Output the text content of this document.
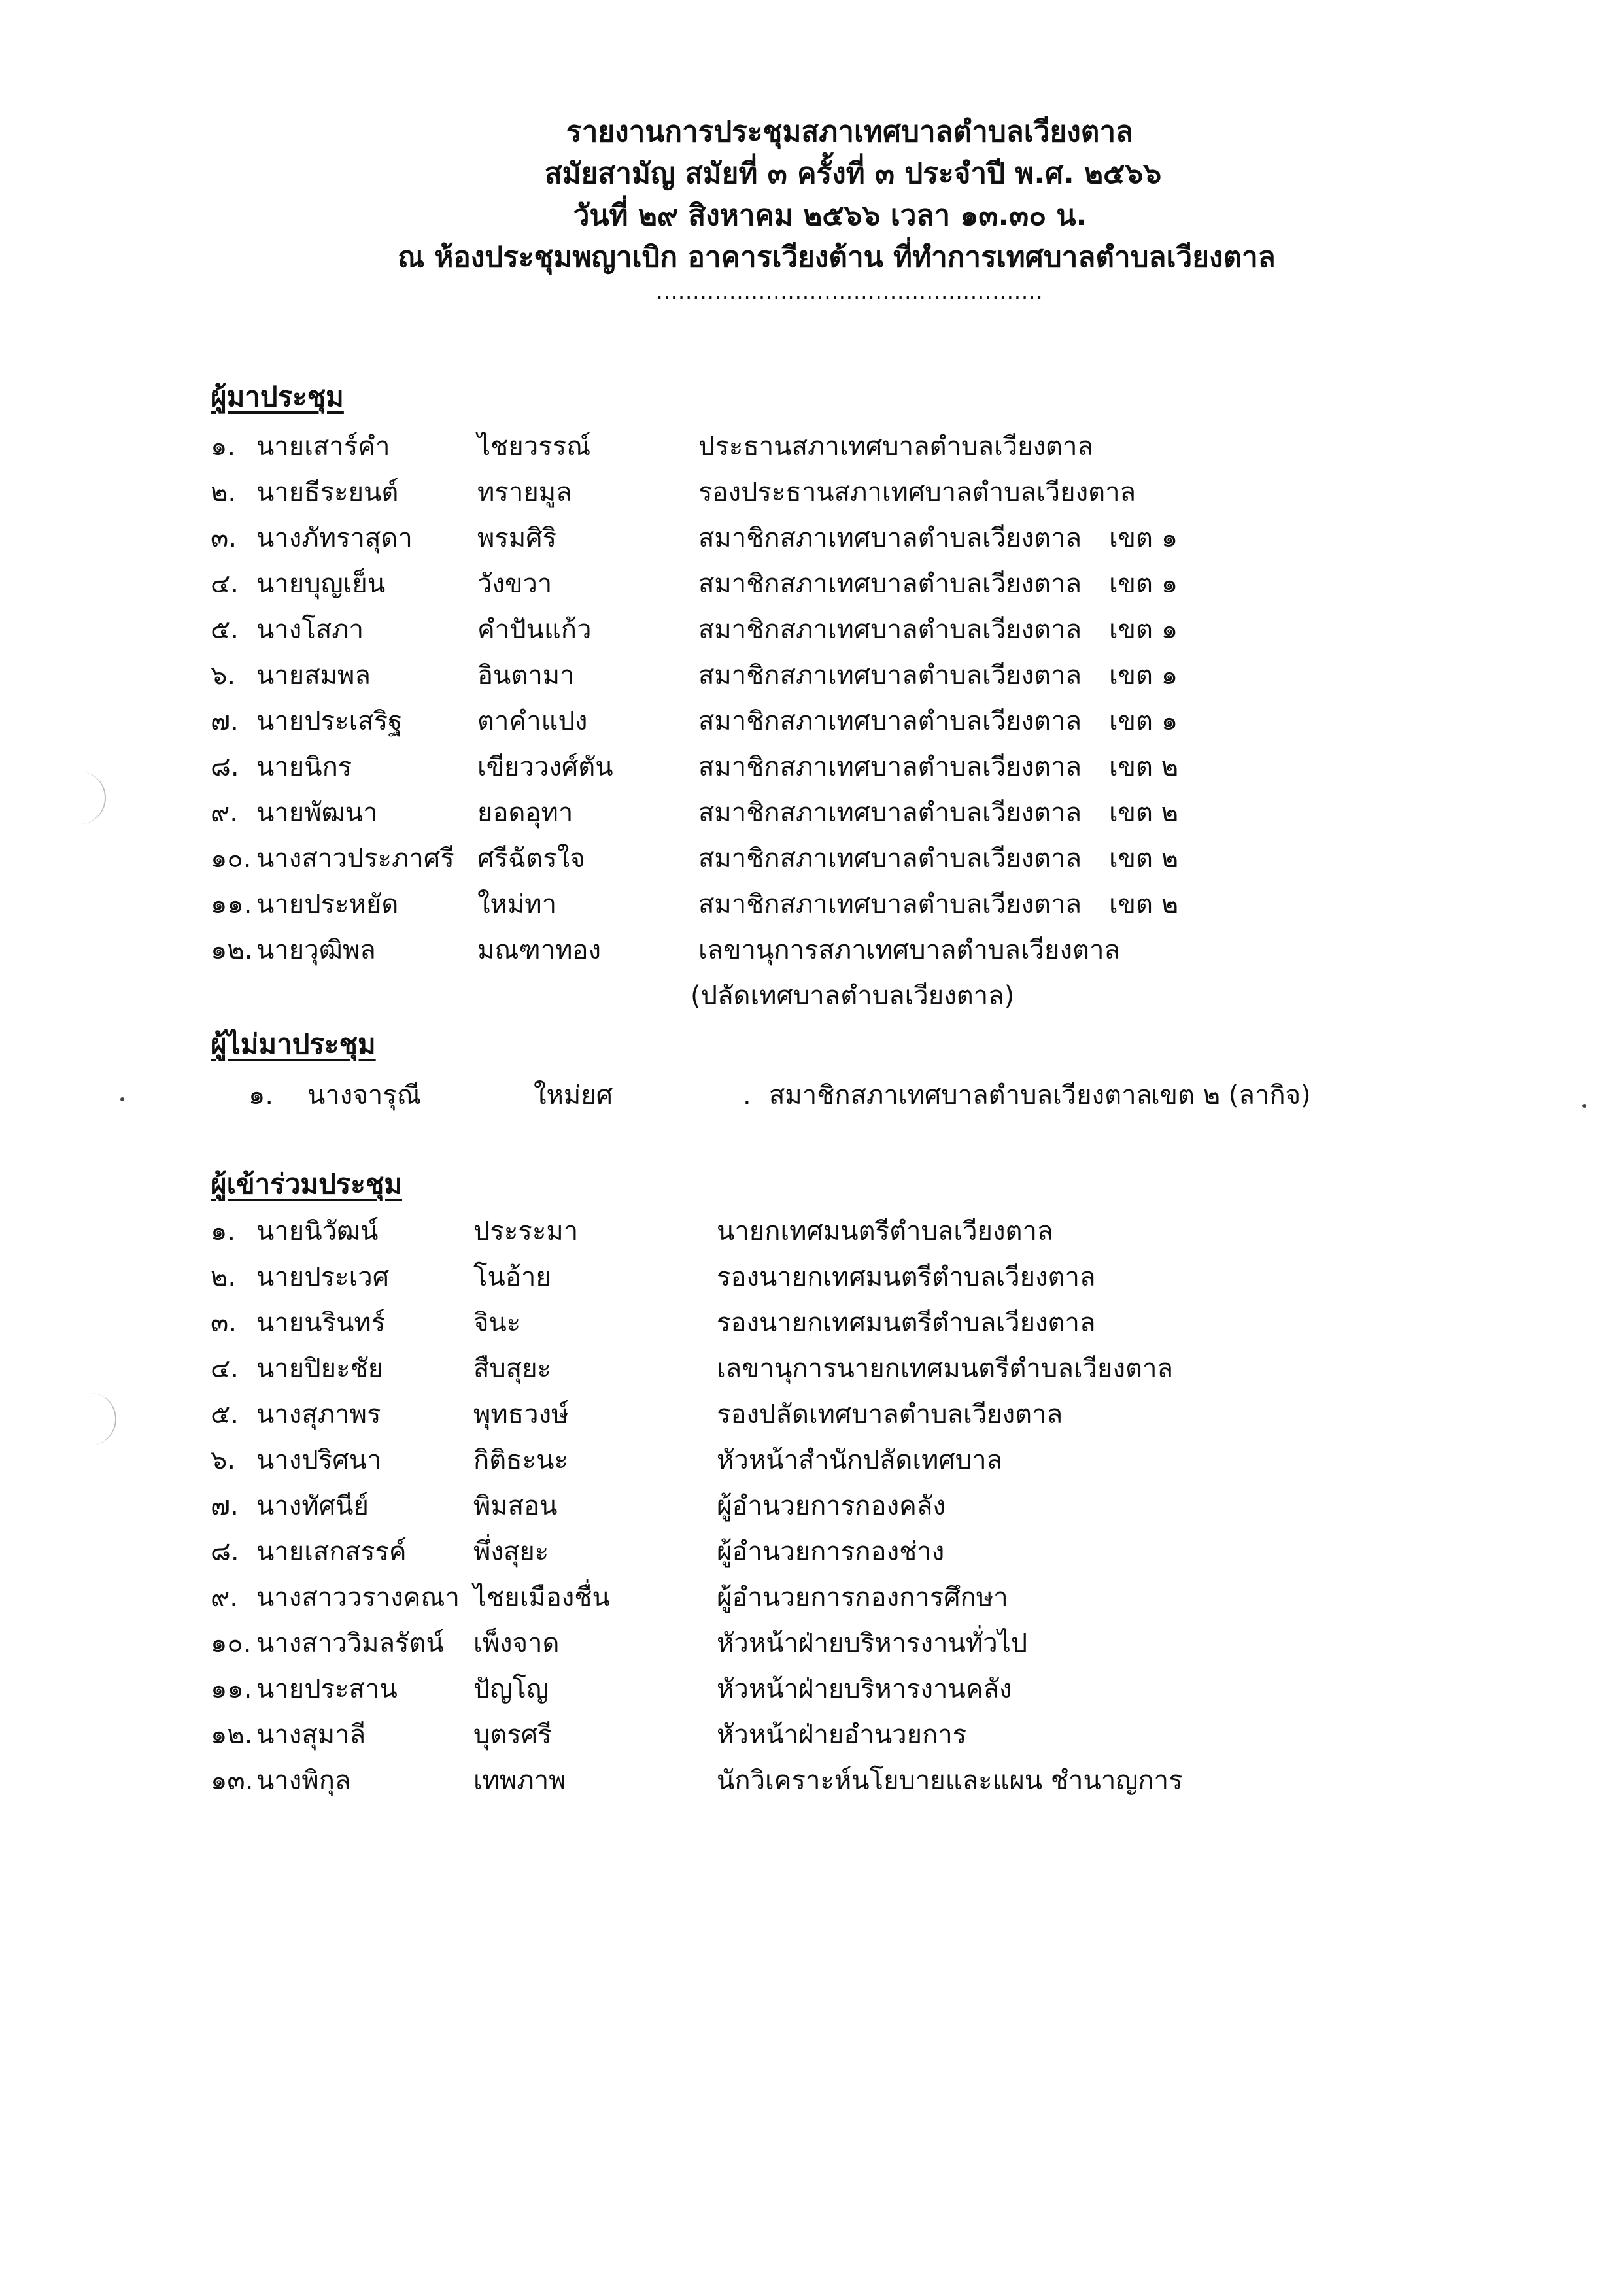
รายงานการประชุมสภาเทศบาลตำบลเวียงตาล
สมัยสามัญ สมัยที่ ๓ ครั้งที่ ๓ ประจำปี พ.ศ. ๒๕๖๖
วันที่ ๒๙ สิงหาคม ๒๕๖๖ เวลา ๑๓.๓๐ น.
ณ ห้องประชุมพญาเบิก อาคารเวียงต้าน ที่ทำการเทศบาลตำบลเวียงตาล
.....................................................
ผู้มาประชุม
๑. นายเสาร์คำ	ไชยวรรณ์	ประธานสภาเทศบาลตำบลเวียงตาล
๒. นายธีระยนต์	ทรายมูล	รองประธานสภาเทศบาลตำบลเวียงตาล
๓. นางภัทราสุดา พรมศิริ	สมาชิกสภาเทศบาลตำบลเวียงตาล เขต ๑
๔. นายบุญเย็น	วังขวา	สมาชิกสภาเทศบาลตำบลเวียงตาล เขต ๑
๕. นางโสภา	คำปันแก้ว	สมาชิกสภาเทศบาลตำบลเวียงตาล เขต ๑
๖. นายสมพล	อินตามา	สมาชิกสภาเทศบาลตำบลเวียงตาล เขต ๑
๗. นายประเสริฐ	ตาคำแปง	สมาชิกสภาเทศบาลตำบลเวียงตาล เขต ๑
๘. นายนิกร	เขียววงศ์ตัน	สมาชิกสภาเทศบาลตำบลเวียงตาล เขต ๒
๙. นายพัฒนา	ยอดอุทา	สมาชิกสภาเทศบาลตำบลเวียงตาล เขต ๒
๑๐. นางสาวประภาศรี ศรีฉัตรใจ	สมาชิกสภาเทศบาลตำบลเวียงตาล เขต ๒
๑๑. นายประหยัด	ใหม่ทา	สมาชิกสภาเทศบาลตำบลเวียงตาล เขต ๒
๑๒. นายวุฒิพล	มณฑาทอง	เลขานุการสภาเทศบาลตำบลเวียงตาล
(ปลัดเทศบาลตำบลเวียงตาล)
ผู้ไม่มาประชุม
๑. นางจารุณี	ใหม่ยศ	. สมาชิกสภาเทศบาลตำบลเวียงตาล
เขต ๒ (ลากิจ)
ผู้เข้าร่วมประชุม
๑. นายนิวัฒน์	ประระมา	นายกเทศมนตรีตำบลเวียงตาล
๒. นายประเวศ	โนอ้าย	รองนายกเทศมนตรีตำบลเวียงตาล
๓. นายนรินทร์	จินะ	รองนายกเทศมนตรีตำบลเวียงตาล
๔. นายปิยะชัย	สืบสุยะ	เลขานุการนายกเทศมนตรีตำบลเวียงตาล
๕. นางสุภาพร	พุทธวงษ์	รองปลัดเทศบาลตำบลเวียงตาล
๖. นางปริศนา	กิติธะนะ	หัวหน้าสำนักปลัดเทศบาล
๗. นางทัศนีย์	พิมสอน	ผู้อำนวยการกองคลัง
๘. นายเสกสรรค์	พึ่งสุยะ	ผู้อำนวยการกองช่าง
๙. นางสาววรางคณา ไชยเมืองชื่น	ผู้อำนวยการกองการศึกษา
๑๐. นางสาววิมลรัตน์ เพ็งจาด	หัวหน้าฝ่ายบริหารงานทั่วไป
๑๑. นายประสาน	ปัญโญ	หัวหน้าฝ่ายบริหารงานคลัง
๑๒. นางสุมาลี	บุตรศรี	หัวหน้าฝ่ายอำนวยการ
๑๓. นางพิกุล	เทพภาพ	นักวิเคราะห์นโยบายและแผน ชำนาญการ
